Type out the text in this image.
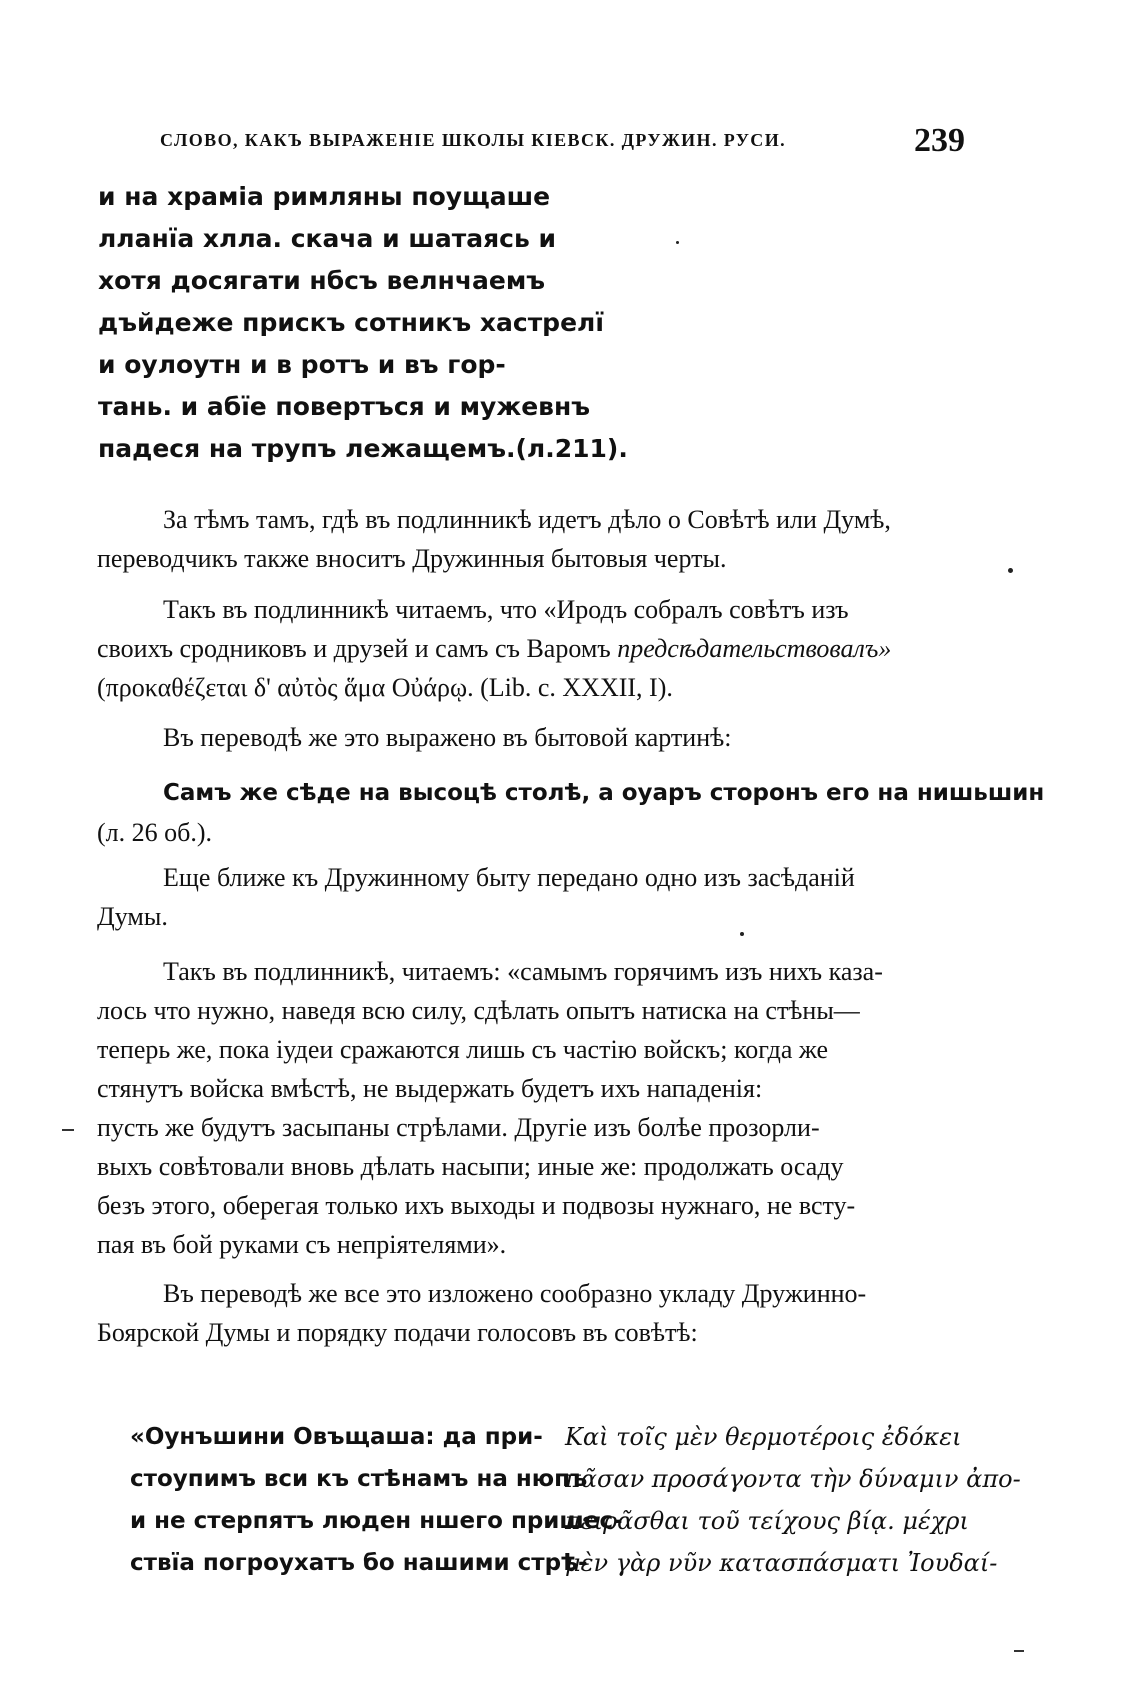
СЛОВО, КАКЪ ВЫРАЖЕНІЕ ШКОЛЫ КІЕВСК. ДРУЖИН. РУСИ.	239
и на храміа римляны поущаше
лланїа хлла. скача и шатаясь и
хотя досягати нбсъ велнчаемъ
дъйдеже прискъ сотникъ хастрелї
и оулоутн и в ротъ и въ гор-
тань. и абїе повертъся и мужевнъ
падеся на трупъ лежащемъ.(л.211).
За тѣмъ тамъ, гдѣ въ подлинникѣ идетъ дѣло о Совѣтѣ или Думѣ,
переводчикъ также вноситъ Дружинныя бытовыя черты.
Такъ въ подлинникѣ читаемъ, что «Иродъ собралъ совѣтъ изъ
своихъ сродниковъ и друзей и самъ съ Варомъ предсѣдательствовалъ»
(προκαθέζεται δ' αὐτὸς ἅμα Οὐάρῳ. (Lib. c. XXXII, I).
Въ переводѣ же это выражено въ бытовой картинѣ:
Самъ же сѣде на высоцѣ столѣ, а оуаръ сторонъ его на нишьшин
(л. 26 об.).
Еще ближе къ Дружинному быту передано одно изъ засѣданій
Думы.
Такъ въ подлинникѣ, читаемъ: «самымъ горячимъ изъ нихъ каза-
лось что нужно, наведя всю силу, сдѣлать опытъ натиска на стѣны—
теперь же, пока іудеи сражаются лишь съ частію войскъ; когда же
стянутъ войска вмѣстѣ, не выдержать будетъ ихъ нападенія:
пусть же будутъ засыпаны стрѣлами. Другіе изъ болѣе прозорли-
выхъ совѣтовали вновь дѣлать насыпи; иные же: продолжать осаду
безъ этого, оберегая только ихъ выходы и подвозы нужнаго, не всту-
пая въ бой руками съ непріятелями».
Въ переводѣ же все это изложено сообразно укладу Дружинно-
Боярской Думы и порядку подачи голосовъ въ совѣтѣ:
«Оунъшини Овъщаша: да при-
стоупимъ вси къ стѣнамъ на нюпъ
и не стерпятъ люден ншего пришес-
ствїа погроухатъ бо нашими стрѣ-
Καὶ τοῖς μὲν θερμοτέροις ἐδόκει
πᾶσαν προσάγοντα τὴν δύναμιν ἀπο-
πειρᾶσθαι τοῦ τείχους βίᾳ. μέχρι
μὲν γὰρ νῦν κατασπάσματι Ἰουδαί-
